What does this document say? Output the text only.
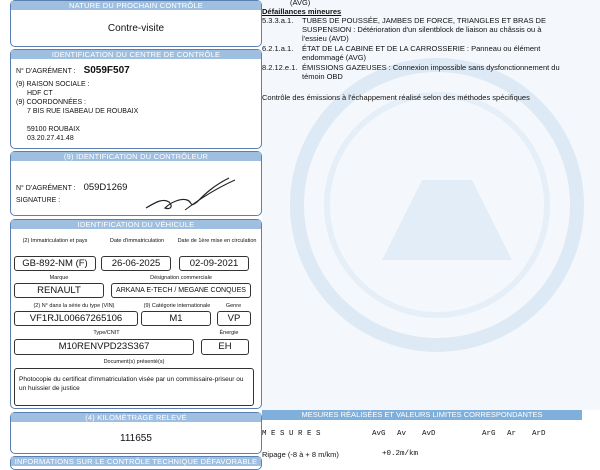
NATURE DU PROCHAIN CONTRÔLE
Contre-visite
IDENTIFICATION DU CENTRE DE CONTRÔLE
N° D'AGRÉMENT : S059F507
(9) RAISON SOCIALE :
HDF CT
(9) COORDONNÉES :
7 BIS RUE ISABEAU DE ROUBAIX
59100 ROUBAIX
03.20.27.41.48
(9) IDENTIFICATION DU CONTRÔLEUR
N° D'AGRÉMENT : 059D1269
SIGNATURE :
IDENTIFICATION DU VÉHICULE
(2) Immatriculation et pays	Date d'immatriculation	Date de 1ère mise en circulation
GB-892-NM (F)	26-06-2025	02-09-2021
Marque	Désignation commerciale
RENAULT	ARKANA E-TECH / MEGANE CONQUES
(2) N° dans la série du type (VIN)	(9) Catégorie internationale	Genre
VF1RJL00667265106	M1	VP
Type/CNIT	Énergie
M10RENVPD23S367	EH
Document(s) présenté(s)
Photocopie du certificat d'immatriculation visée par un commissaire-priseur ou un huissier de justice
(4) KILOMÉTRAGE RELEVÉ
111655
INFORMATIONS SUR LE CONTRÔLE TECHNIQUE DÉFAVORABLE
(AVG)
Défaillances mineures
5.3.3.a.1. TUBES DE POUSSÉE, JAMBES DE FORCE, TRIANGLES ET BRAS DE SUSPENSION : Détérioration d'un silentblock de liaison au châssis ou à l'essieu (AVD)
6.2.1.a.1. ÉTAT DE LA CABINE ET DE LA CARROSSERIE : Panneau ou élément endommagé (AVG)
8.2.12.e.1. ÉMISSIONS GAZEUSES : Connexion impossible sans dysfonctionnement du témoin OBD
Contrôle des émissions à l'échappement réalisé selon des méthodes spécifiques
MESURES RÉALISÉES ET VALEURS LIMITES CORRESPONDANTES
M E S U R E S	AvG Av AvD	ArG Ar ArD
Ripage (-8 à + 8 m/km)	+0.2m/km
